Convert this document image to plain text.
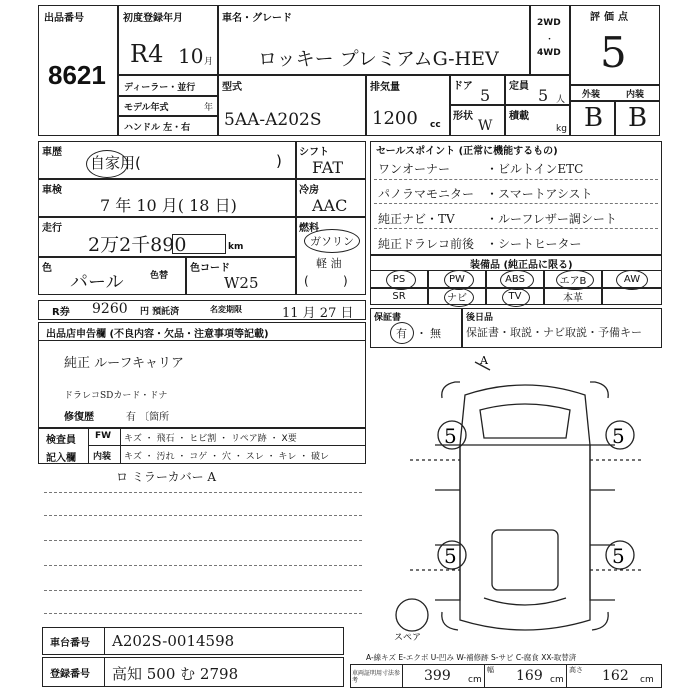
出品番号
8621
初度登録年月
R4 10 月
車名・グレード
ロッキー プレミアムG-HEV
2WD
・
4WD
評価点
5
ディーラー・並行
モデル年式	年
ハンドル 左・右
型式
5AA-A202S
排気量
1200 cc
ドア 5 定員 5 人
形状
W
積載
kg
外装	内装
B B
車歴
自家用(	) シフト
FAT
車検
7 年 10 月( 18 日)
冷房
AAC
走行
2万2千890	km
燃料
ガソリン
軽 油
(         )
色
パール	色替
色コード
W25
R券 9260 円 預託済	名変期限	11 月 27 日
セールスポイント (正常に機能するもの)
ワンオーナー	・ビルトインETC
パノラマモニター ・スマートアシスト
純正ナビ・TV	・ルーフレザー調シート
純正ドラレコ前後 ・シートヒーター
装備品 (純正品に限る)
PS	PW	ABS	エアB	AW
SR	ナビ	TV	本革
保証書
有 ・ 無
後日品
保証書・取説・ナビ取説・予備キー
出品店申告欄 (不良内容・欠品・注意事項等記載)
純正 ルーフキャリア
ドラレコSDカード・ドナ
修復歴	有 〔箇所
検査員
記入欄
FW キズ ・ 飛石 ・ ヒビ割 ・ リペア跡 ・ X要
内装 キズ ・ 汚れ ・ コゲ ・ 穴 ・ スレ ・ キレ ・ 破レ
ロ ミラーカバー A
5	5
5	5
A
スペア
車台番号 A202S-0014598
登録番号 高知 500 む 2798
A-線キズ E-エクボ U-凹み W-補修跡 S-サビ C-腐食 XX-取替済
車両証明用寸法参考	399 cm
幅 169 cm
高さ 162 cm
